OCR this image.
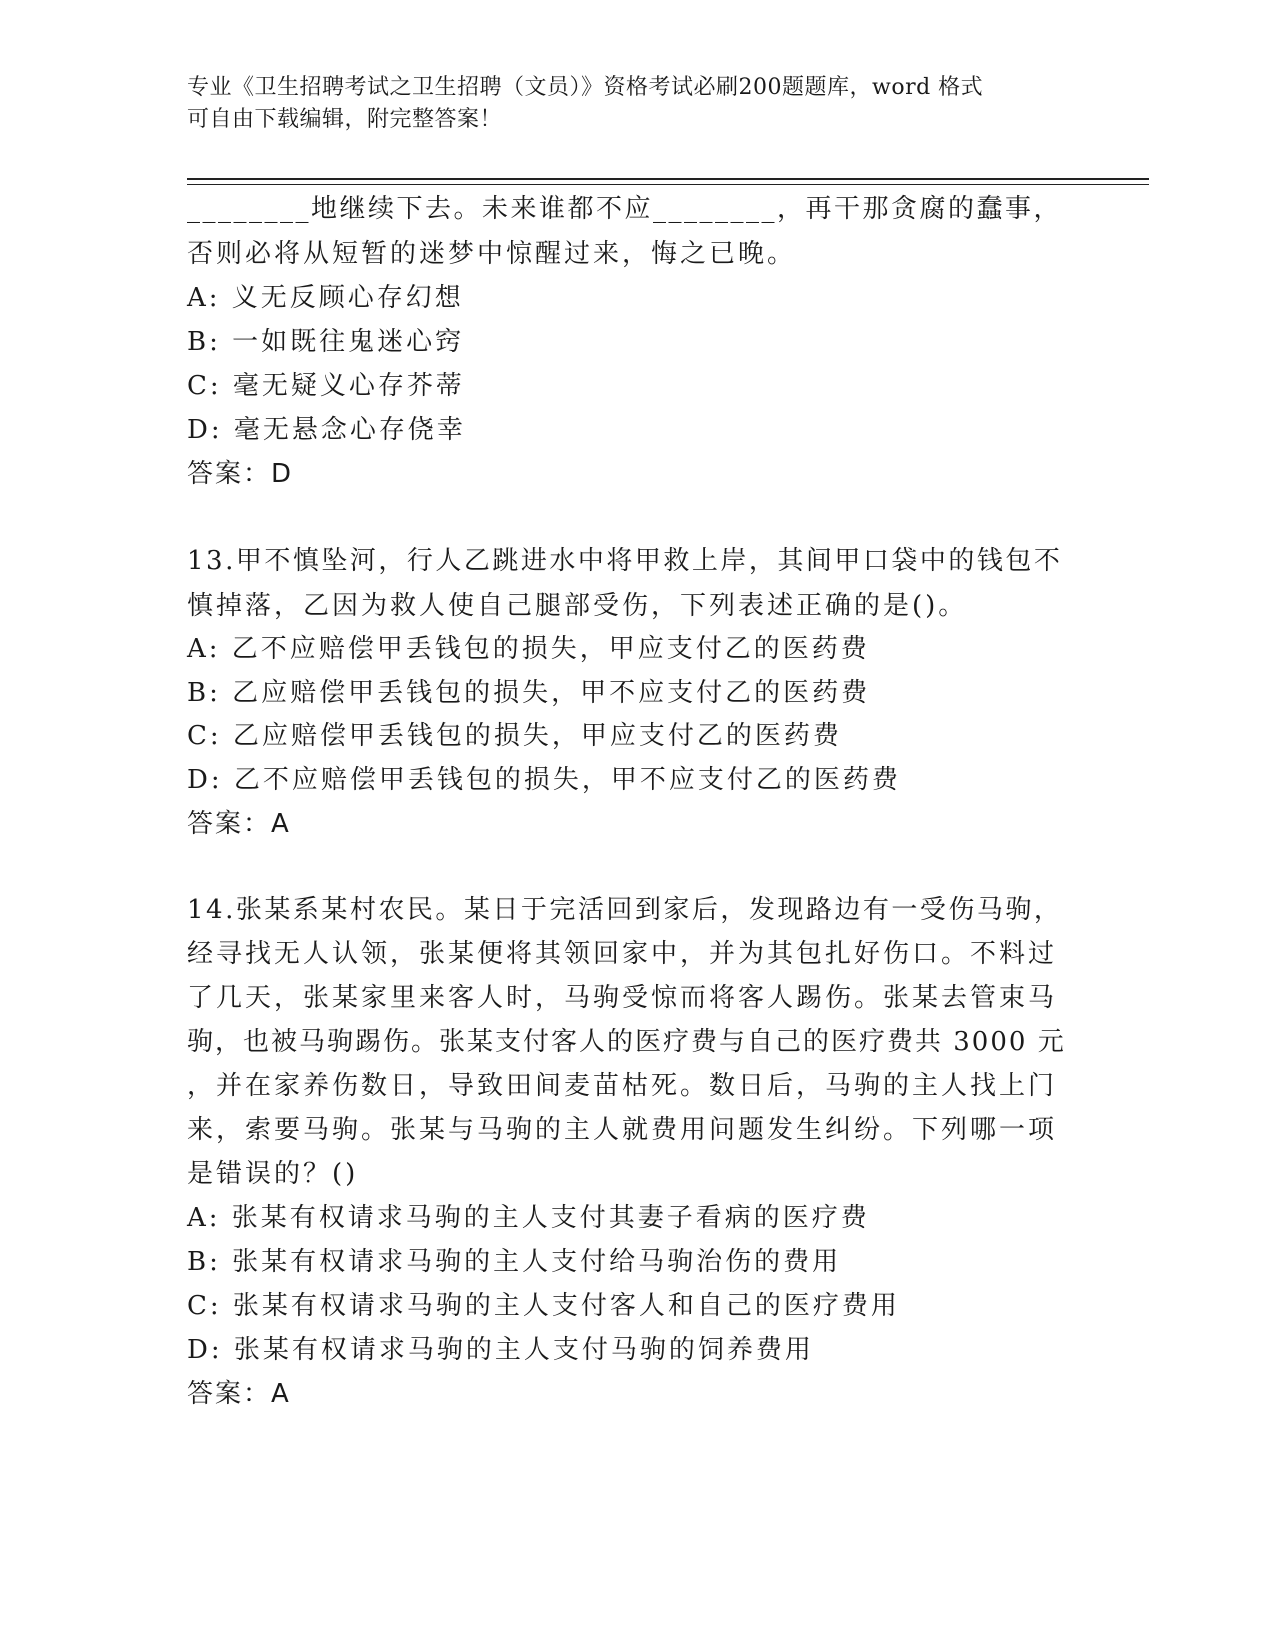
专业《卫生招聘考试之卫生招聘（文员）》资格考试必刷200题题库，word 格式
可自由下载编辑，附完整答案！
________地继续下去。未来谁都不应________，再干那贪腐的蠢事，
否则必将从短暂的迷梦中惊醒过来，悔之已晚。
A: 义无反顾心存幻想
B: 一如既往鬼迷心窍
C: 毫无疑义心存芥蒂
D: 毫无悬念心存侥幸
答案：D
13.甲不慎坠河，行人乙跳进水中将甲救上岸，其间甲口袋中的钱包不
慎掉落，乙因为救人使自己腿部受伤，下列表述正确的是()。
A: 乙不应赔偿甲丢钱包的损失，甲应支付乙的医药费
B: 乙应赔偿甲丢钱包的损失，甲不应支付乙的医药费
C: 乙应赔偿甲丢钱包的损失，甲应支付乙的医药费
D: 乙不应赔偿甲丢钱包的损失，甲不应支付乙的医药费
答案：A
14.张某系某村农民。某日于完活回到家后，发现路边有一受伤马驹，
经寻找无人认领，张某便将其领回家中，并为其包扎好伤口。不料过
了几天，张某家里来客人时，马驹受惊而将客人踢伤。张某去管束马
驹，也被马驹踢伤。张某支付客人的医疗费与自己的医疗费共 3000 元
，并在家养伤数日，导致田间麦苗枯死。数日后，马驹的主人找上门
来，索要马驹。张某与马驹的主人就费用问题发生纠纷。下列哪一项
是错误的？()
A: 张某有权请求马驹的主人支付其妻子看病的医疗费
B: 张某有权请求马驹的主人支付给马驹治伤的费用
C: 张某有权请求马驹的主人支付客人和自己的医疗费用
D: 张某有权请求马驹的主人支付马驹的饲养费用
答案：A
